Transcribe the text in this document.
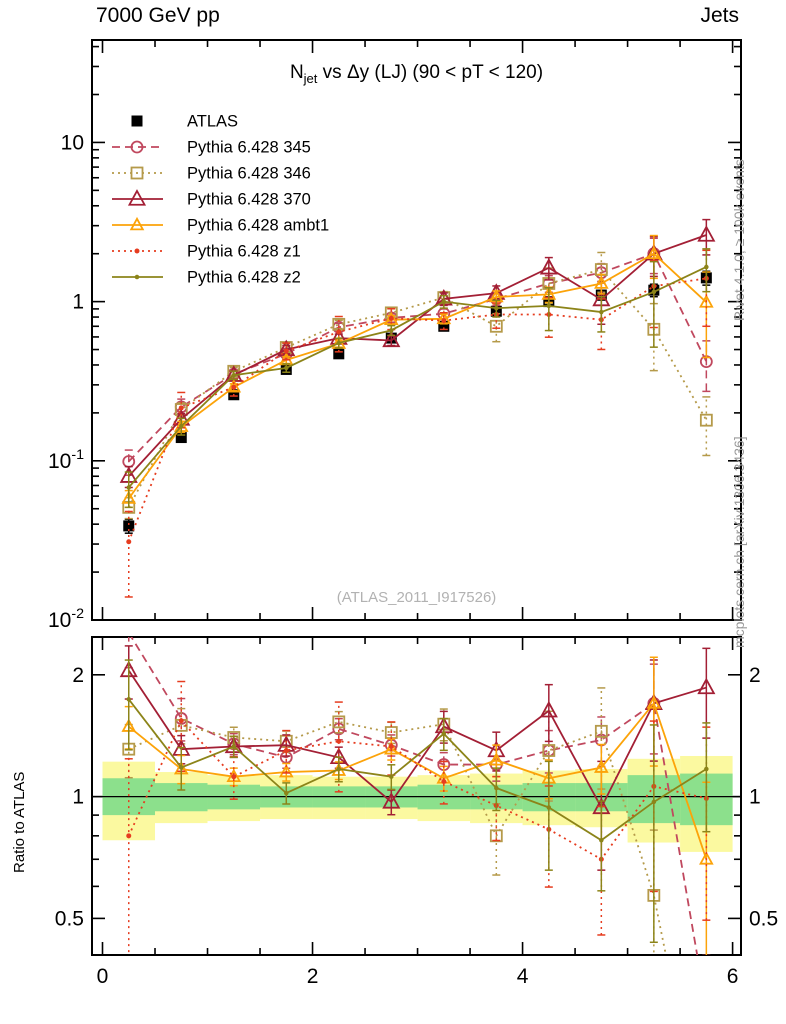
10
1
$10^{-1}$
$10^{-2}$
2	2
1	1
0.5	0.5
0	2	4	6
ATLAS
Pythia 6.428 345
Pythia 6.428 346
Pythia 6.428 370
Pythia 6.428 ambt1
Pythia 6.428 z1
Pythia 6.428 z2
7000 GeV pp	Jets
$N_{jet}$ vs Δy (LJ) (90 < pT < 120)
(ATLAS_2011_I917526)
Rivet 4.1.0, ≥ 100k events
mcplots.cern.ch [arXiv:1306.3436]
Ratio to ATLAS
